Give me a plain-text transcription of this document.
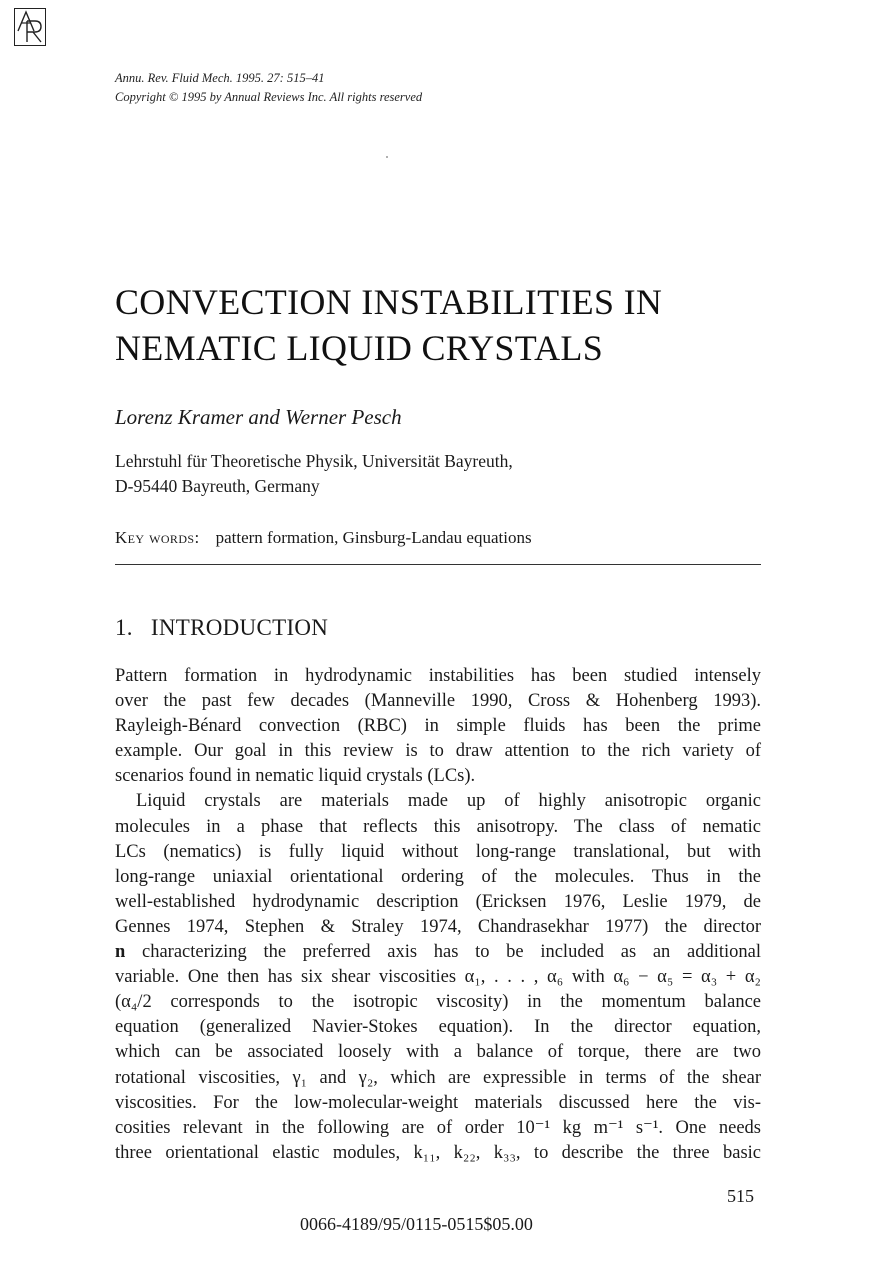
Annu. Rev. Fluid Mech. 1995. 27: 515–41
Copyright © 1995 by Annual Reviews Inc. All rights reserved
CONVECTION INSTABILITIES IN
NEMATIC LIQUID CRYSTALS
Lorenz Kramer and Werner Pesch
Lehrstuhl für Theoretische Physik, Universität Bayreuth,
D-95440 Bayreuth, Germany
Key words: pattern formation, Ginsburg-Landau equations
1. INTRODUCTION
Pattern formation in hydrodynamic instabilities has been studied intensely
over the past few decades (Manneville 1990, Cross & Hohenberg 1993).
Rayleigh-Bénard convection (RBC) in simple fluids has been the prime
example. Our goal in this review is to draw attention to the rich variety of
scenarios found in nematic liquid crystals (LCs).
Liquid crystals are materials made up of highly anisotropic organic
molecules in a phase that reflects this anisotropy. The class of nematic
LCs (nematics) is fully liquid without long-range translational, but with
long-range uniaxial orientational ordering of the molecules. Thus in the
well-established hydrodynamic description (Ericksen 1976, Leslie 1979, de
Gennes 1974, Stephen & Straley 1974, Chandrasekhar 1977) the director
n characterizing the preferred axis has to be included as an additional
variable. One then has six shear viscosities α₁, . . . , α₆ with α₆ − α₅ = α₃ + α₂
(α₄/2 corresponds to the isotropic viscosity) in the momentum balance
equation (generalized Navier-Stokes equation). In the director equation,
which can be associated loosely with a balance of torque, there are two
rotational viscosities, γ₁ and γ₂, which are expressible in terms of the shear
viscosities. For the low-molecular-weight materials discussed here the vis-
cosities relevant in the following are of order 10⁻¹ kg m⁻¹ s⁻¹. One needs
three orientational elastic modules, k₁₁, k₂₂, k₃₃, to describe the three basic
515
0066-4189/95/0115-0515$05.00
